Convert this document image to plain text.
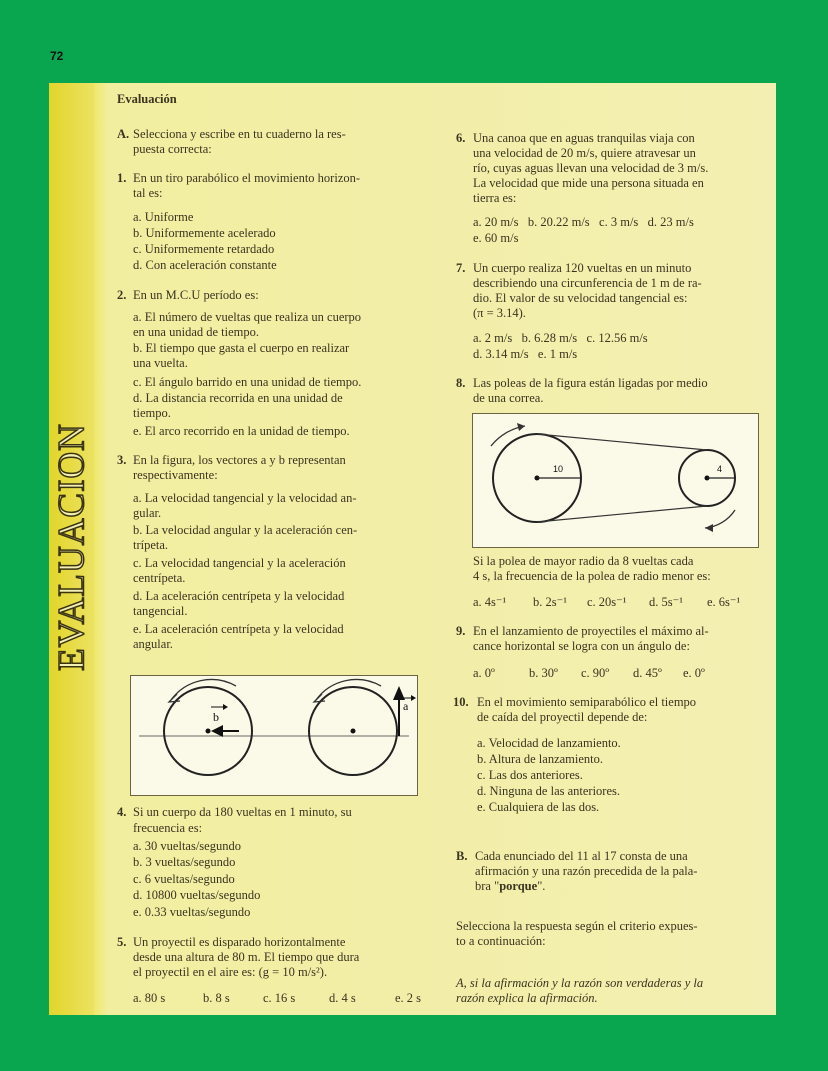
72
EVALUACION
Evaluación
A. Selecciona y escribe en tu cuaderno la res-
puesta correcta:
1. En un tiro parabólico el movimiento horizon-
tal es:
a. Uniforme
b. Uniformemente acelerado
c. Uniformemente retardado
d. Con aceleración constante
2. En un M.C.U período es:
a. El número de vueltas que realiza un cuerpo
en una unidad de tiempo.
b. El tiempo que gasta el cuerpo en realizar
una vuelta.
c. El ángulo barrido en una unidad de tiempo.
d. La distancia recorrida en una unidad de
tiempo.
e. El arco recorrido en la unidad de tiempo.
3. En la figura, los vectores a y b representan
respectivamente:
a. La velocidad tangencial y la velocidad an-
gular.
b. La velocidad angular y la aceleración cen-
trípeta.
c. La velocidad tangencial y la aceleración
centrípeta.
d. La aceleración centrípeta y la velocidad
tangencial.
e. La aceleración centrípeta y la velocidad
angular.
b
a
4. Si un cuerpo da 180 vueltas en 1 minuto, su
frecuencia es:
a. 30 vueltas/segundo
b. 3 vueltas/segundo
c. 6 vueltas/segundo
d. 10800 vueltas/segundo
e. 0.33 vueltas/segundo
5. Un proyectil es disparado horizontalmente
desde una altura de 80 m. El tiempo que dura
el proyectil en el aire es: (g = 10 m/s²).
a. 80 s	b. 8 s	c. 16 s	d. 4 s	e. 2 s
6. Una canoa que en aguas tranquilas viaja con
una velocidad de 20 m/s, quiere atravesar un
río, cuyas aguas llevan una velocidad de 3 m/s.
La velocidad que mide una persona situada en
tierra es:
a. 20 m/s   b. 20.22 m/s   c. 3 m/s   d. 23 m/s
e. 60 m/s
7. Un cuerpo realiza 120 vueltas en un minuto
describiendo una circunferencia de 1 m de ra-
dio. El valor de su velocidad tangencial es:
(π = 3.14).
a. 2 m/s   b. 6.28 m/s   c. 12.56 m/s
d. 3.14 m/s   e. 1 m/s
8. Las poleas de la figura están ligadas por medio
de una correa.
10	4
Si la polea de mayor radio da 8 vueltas cada
4 s, la frecuencia de la polea de radio menor es:
a. 4s⁻¹ b. 2s⁻¹ c. 20s⁻¹ d. 5s⁻¹ e. 6s⁻¹
9. En el lanzamiento de proyectiles el máximo al-
cance horizontal se logra con un ángulo de:
a. 0º	b. 30º c. 90º d. 45º e. 0º
10. En el movimiento semiparabólico el tiempo
de caída del proyectil depende de:
a. Velocidad de lanzamiento.
b. Altura de lanzamiento.
c. Las dos anteriores.
d. Ninguna de las anteriores.
e. Cualquiera de las dos.
B. Cada enunciado del 11 al 17 consta de una
afirmación y una razón precedida de la pala-
bra "porque".
Selecciona la respuesta según el criterio expues-
to a continuación:
A, si la afirmación y la razón son verdaderas y la
razón explica la afirmación.
